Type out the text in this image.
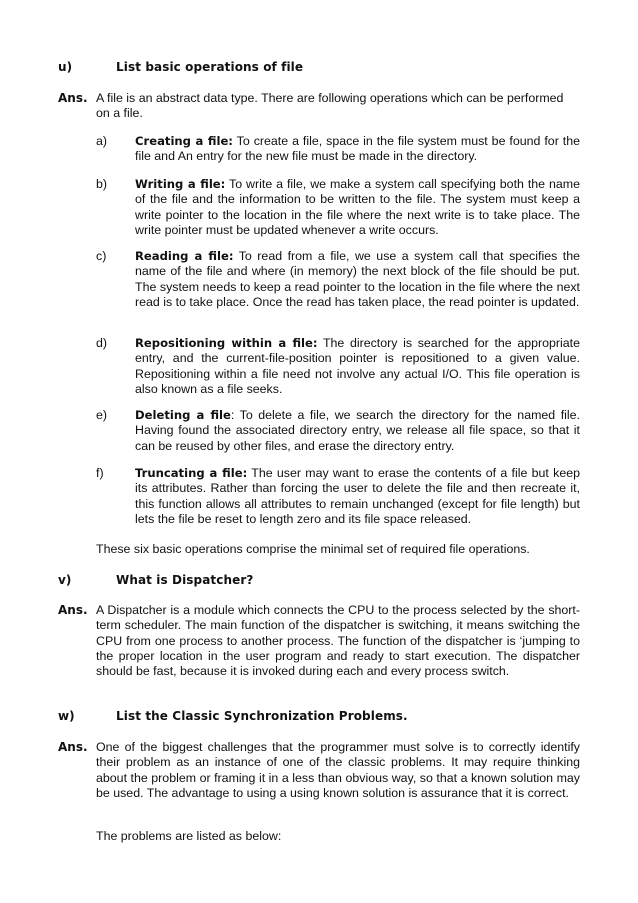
u)	List basic operations of file
Ans. A file is an abstract data type. There are following operations which can be performed on a file.
a) Creating a file: To create a file, space in the file system must be found for the file and An entry for the new file must be made in the directory.
b) Writing a file: To write a file, we make a system call specifying both the name of the file and the information to be written to the file. The system must keep a write pointer to the location in the file where the next write is to take place. The write pointer must be updated whenever a write occurs.
c) Reading a file: To read from a file, we use a system call that specifies the name of the file and where (in memory) the next block of the file should be put. The system needs to keep a read pointer to the location in the file where the next read is to take place. Once the read has taken place, the read pointer is updated.
d) Repositioning within a file: The directory is searched for the appropriate entry, and the current-file-position pointer is repositioned to a given value. Repositioning within a file need not involve any actual I/O. This file operation is also known as a file seeks.
e) Deleting a file: To delete a file, we search the directory for the named file. Having found the associated directory entry, we release all file space, so that it can be reused by other files, and erase the directory entry.
f)	Truncating a file: The user may want to erase the contents of a file but keep its attributes. Rather than forcing the user to delete the file and then recreate it, this function allows all attributes to remain unchanged (except for file length) but lets the file be reset to length zero and its file space released.
These six basic operations comprise the minimal set of required file operations.
v)	What is Dispatcher?
Ans. A Dispatcher is a module which connects the CPU to the process selected by the short-term scheduler. The main function of the dispatcher is switching, it means switching the CPU from one process to another process. The function of the dispatcher is ‘jumping to the proper location in the user program and ready to start execution. The dispatcher should be fast, because it is invoked during each and every process switch.
w)	List the Classic Synchronization Problems.
Ans. One of the biggest challenges that the programmer must solve is to correctly identify their problem as an instance of one of the classic problems. It may require thinking about the problem or framing it in a less than obvious way, so that a known solution may be used. The advantage to using a using known solution is assurance that it is correct.
The problems are listed as below:
